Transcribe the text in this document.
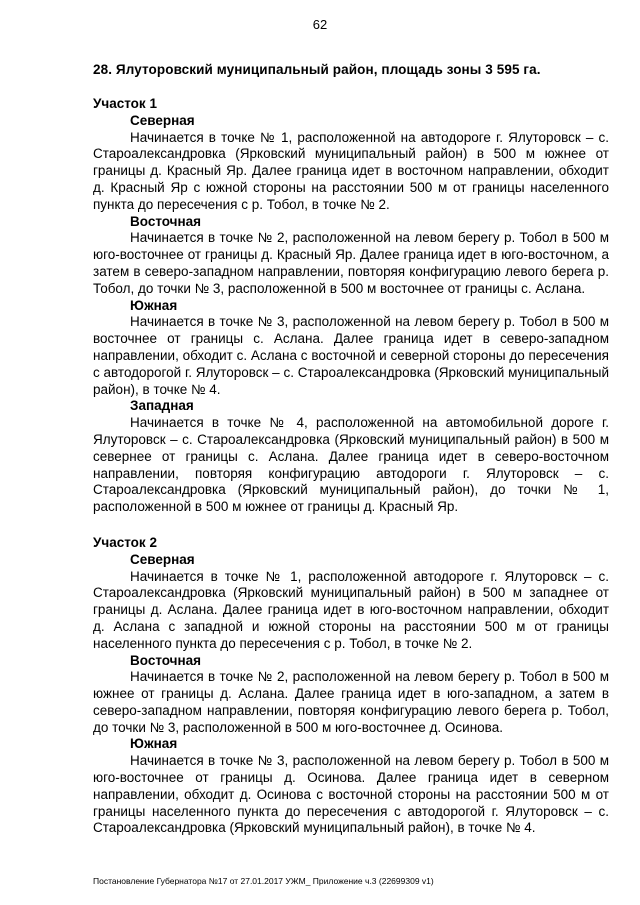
62
28. Ялуторовский муниципальный район, площадь зоны 3 595 га.
Участок 1
Северная

Начинается в точке № 1, расположенной на автодороге г. Ялуторовск – с. Староалександровка (Ярковский муниципальный район) в 500 м южнее от границы д. Красный Яр. Далее граница идет в восточном направлении, обходит д. Красный Яр с южной стороны на расстоянии 500 м от границы населенного пункта до пересечения с р. Тобол, в точке № 2.

Восточная

Начинается в точке № 2, расположенной на левом берегу р. Тобол в 500 м юго-восточнее от границы д. Красный Яр. Далее граница идет в юго-восточном, а затем в северо-западном направлении, повторяя конфигурацию левого берега р. Тобол, до точки № 3, расположенной в 500 м восточнее от границы с. Аслана.

Южная

Начинается в точке № 3, расположенной на левом берегу р. Тобол в 500 м восточнее от границы с. Аслана. Далее граница идет в северо-западном направлении, обходит с. Аслана с восточной и северной стороны до пересечения с автодорогой г. Ялуторовск – с. Староалександровка (Ярковский муниципальный район), в точке № 4.

Западная

Начинается в точке № 4, расположенной на автомобильной дороге г. Ялуторовск – с. Староалександровка (Ярковский муниципальный район) в 500 м севернее от границы с. Аслана. Далее граница идет в северо-восточном направлении, повторяя конфигурацию автодороги г. Ялуторовск – с. Староалександровка (Ярковский муниципальный район), до точки № 1, расположенной в 500 м южнее от границы д. Красный Яр.

Участок 2
Северная

Начинается в точке № 1, расположенной автодороге г. Ялуторовск – с. Староалександровка (Ярковский муниципальный район) в 500 м западнее от границы д. Аслана. Далее граница идет в юго-восточном направлении, обходит д. Аслана с западной и южной стороны на расстоянии 500 м от границы населенного пункта до пересечения с р. Тобол, в точке № 2.

Восточная

Начинается в точке № 2, расположенной на левом берегу р. Тобол в 500 м южнее от границы д. Аслана. Далее граница идет в юго-западном, а затем в северо-западном направлении, повторяя конфигурацию левого берега р. Тобол, до точки № 3, расположенной в 500 м юго-восточнее д. Осинова.

Южная

Начинается в точке № 3, расположенной на левом берегу р. Тобол в 500 м юго-восточнее от границы д. Осинова. Далее граница идет в северном направлении, обходит д. Осинова с восточной стороны на расстоянии 500 м от границы населенного пункта до пересечения с автодорогой г. Ялуторовск – с. Староалександровка (Ярковский муниципальный район), в точке № 4.

Постановление Губернатора №17 от 27.01.2017 УЖМ_ Приложение ч.3 (22699309 v1)
